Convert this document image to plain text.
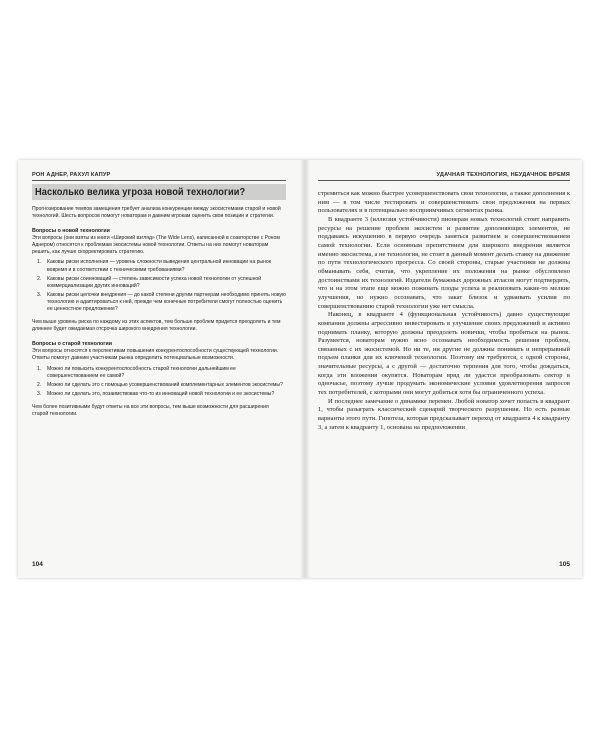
РОН АДНЕР, РАХУЛ КАПУР
Насколько велика угроза новой технологии?

Прогнозирование темпов замещения требует анализа конкуренции между экосистемами старой и новой технологий. Шесть вопросов помогут новаторам и давним игрокам оценить свои позиции и стратегии.

Вопросы о новой технологии

Эти вопросы (они взяты из книги «Широкий взгляд» (The Wide Lens), написанной в соавторстве с Роном Аднером) относятся к проблемам экосистемы новой технологии. Ответы на них помогут новаторам решить, как лучше скорректировать стратегию.

1. Каковы риски исполнения — уровень сложности выведения центральной инновации на рынок вовремя и в соответствии с техническими требованиями?
2. Каковы риски соинноваций — степень зависимости успеха новой технологии от успешной коммерциализации других инноваций?
3. Каковы риски цепочки внедрения — до какой степени другим партнерам необходимо принять новую технологию и адаптироваться к ней, прежде чем конечные потребители смогут полностью оценить ее ценностное предложение?

Чем выше уровень риска по каждому из этих аспектов, тем больше проблем придется преодолеть и тем длиннее будет ожидаемая отсрочка широкого внедрения технологии.

Вопросы о старой технологии

Эти вопросы относятся к перспективам повышения конкурентоспособности существующей технологии. Ответы помогут давним участникам рынка определить потенциальные возможности.

1. Можно ли повысить конкурентоспособность старой технологии дальнейшим ее совершенствованием ее самой?
2. Можно ли сделать это с помощью усовершенствований комплементарных элементов экосистемы?
3. Можно ли сделать это, позаимствовав что-то из инноваций новой технологии и ее экосистемы?

Чем более позитивными будут ответы на все эти вопросы, тем выше возможности для расширения старой технологии.

104
УДАЧНАЯ ТЕХНОЛОГИЯ, НЕУДАЧНОЕ ВРЕМЯ

стремиться как можно быстрее усовершенствовать свои технологии, а также дополнения к ним — в том числе тестировать и совершенствовать свои предложения на первых пользователях и в потенциально восприимчивых сегментах рынка.

В квадранте 3 (иллюзия устойчивости) пионерам новых технологий стоит направить ресурсы на решение проблем экосистем и развитие дополняющих элементов, не поддаваясь искушению в первую очередь заняться развитием и совершенствованием самой технологии. Если основным препятствием для широкого внедрения является именно экосистема, а не технология, не стоит в данный момент делать ставку на движение по пути технологического прогресса. Со своей стороны, старые участники не должны обманывать себя, считая, что укрепление их положения на рынке обусловлено достоинствами их технологий. Издатели бумажных дорожных атласов могут подтвердить, что и на этом этапе еще можно пожинать плоды успеха и реализовать какие-то мелкие улучшения, но нужно осознавать, что закат близок и удваивать усилия по совершенствованию старой технологии уже нет смысла.

Наконец, в квадранте 4 (функциональная устойчивость) давно существующие компании должны агрессивно инвестировать в улучшение своих предложений и активно поднимать планку, которую должны преодолеть новички, чтобы пробиться на рынок. Разумеется, новаторам нужно ясно осознавать необходимость решения проблем, связанных с их экосистемой. Но ни те, ни другие не должны понимать и непрерывный подъем планки для их ключевой технологии. Поэтому им требуются, с одной стороны, значительные ресурсы, а с другой — достаточно терпения для того, чтобы дождаться, когда эти вложения окупятся. Новаторам вряд ли удастся преобразовать сектор в одночасье, поэтому лучше продумать экономические условия удовлетворения запросов тех потребителей, с которыми они могут добиться хотя бы ограниченного успеха.

И последнее замечание о динамике перемен. Любой новатор хочет попасть в квадрант 1, чтобы разыграть классический сценарий творческого разрушения. Но есть разные варианты этого пути. Гипотеза, которая предсказывает переход от квадранта 4 к квадранту 3, а затем к квадранту 1, основана на предположении

105
